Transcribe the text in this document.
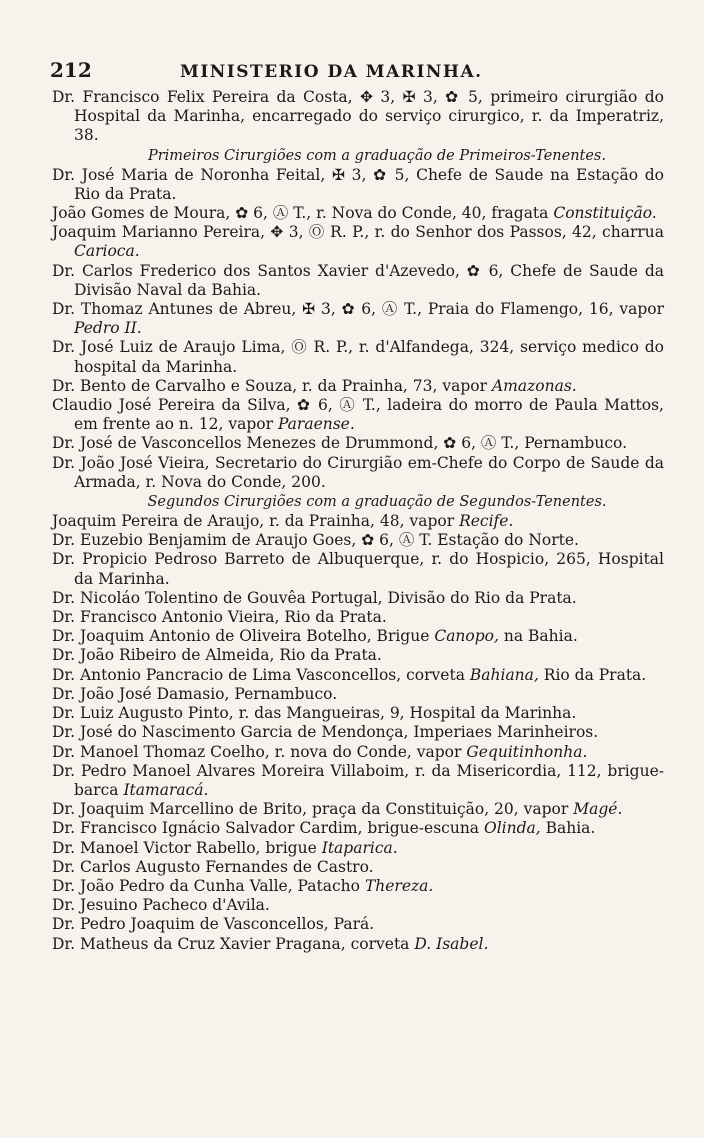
212	MINISTERIO DA MARINHA.

Dr. Francisco Felix Pereira da Costa, ✥ 3, ✠ 3, ✿ 5, primeiro cirurgião do Hospital da Marinha, encarregado do serviço cirurgico, r. da Imperatriz, 38.

Primeiros Cirurgiões com a graduação de Primeiros-Tenentes.

Dr. José Maria de Noronha Feital, ✠ 3, ✿ 5, Chefe de Saude na Estação do Rio da Prata.

João Gomes de Moura, ✿ 6, Ⓐ T., r. Nova do Conde, 40, fragata Constituição.

Joaquim Marianno Pereira, ✥ 3, Ⓞ R. P., r. do Senhor dos Passos, 42, charrua Carioca.

Dr. Carlos Frederico dos Santos Xavier d'Azevedo, ✿ 6, Chefe de Saude da Divisão Naval da Bahia.

Dr. Thomaz Antunes de Abreu, ✠ 3, ✿ 6, Ⓐ T., Praia do Flamengo, 16, vapor Pedro II.

Dr. José Luiz de Araujo Lima, Ⓞ R. P., r. d'Alfandega, 324, serviço medico do hospital da Marinha.

Dr. Bento de Carvalho e Souza, r. da Prainha, 73, vapor Amazonas.

Claudio José Pereira da Silva, ✿ 6, Ⓐ T., ladeira do morro de Paula Mattos, em frente ao n. 12, vapor Paraense.

Dr. José de Vasconcellos Menezes de Drummond, ✿ 6, Ⓐ T., Pernambuco.

Dr. João José Vieira, Secretario do Cirurgião em-Chefe do Corpo de Saude da Armada, r. Nova do Conde, 200.

Segundos Cirurgiões com a graduação de Segundos-Tenentes.

Joaquim Pereira de Araujo, r. da Prainha, 48, vapor Recife.

Dr. Euzebio Benjamim de Araujo Goes, ✿ 6, Ⓐ T. Estação do Norte.

Dr. Propicio Pedroso Barreto de Albuquerque, r. do Hospicio, 265, Hospital da Marinha.

Dr. Nicoláo Tolentino de Gouvêa Portugal, Divisão do Rio da Prata.

Dr. Francisco Antonio Vieira, Rio da Prata.

Dr. Joaquim Antonio de Oliveira Botelho, Brigue Canopo, na Bahia.

Dr. João Ribeiro de Almeida, Rio da Prata.

Dr. Antonio Pancracio de Lima Vasconcellos, corveta Bahiana, Rio da Prata.

Dr. João José Damasio, Pernambuco.

Dr. Luiz Augusto Pinto, r. das Mangueiras, 9, Hospital da Marinha.

Dr. José do Nascimento Garcia de Mendonça, Imperiaes Marinheiros.

Dr. Manoel Thomaz Coelho, r. nova do Conde, vapor Gequitinhonha.

Dr. Pedro Manoel Alvares Moreira Villaboim, r. da Misericordia, 112, brigue-barca Itamaracá.

Dr. Joaquim Marcellino de Brito, praça da Constituição, 20, vapor Magé.

Dr. Francisco Ignácio Salvador Cardim, brigue-escuna Olinda, Bahia.

Dr. Manoel Victor Rabello, brigue Itaparica.

Dr. Carlos Augusto Fernandes de Castro.

Dr. João Pedro da Cunha Valle, Patacho Thereza.

Dr. Jesuino Pacheco d'Avila.

Dr. Pedro Joaquim de Vasconcellos, Pará.

Dr. Matheus da Cruz Xavier Pragana, corveta D. Isabel.
